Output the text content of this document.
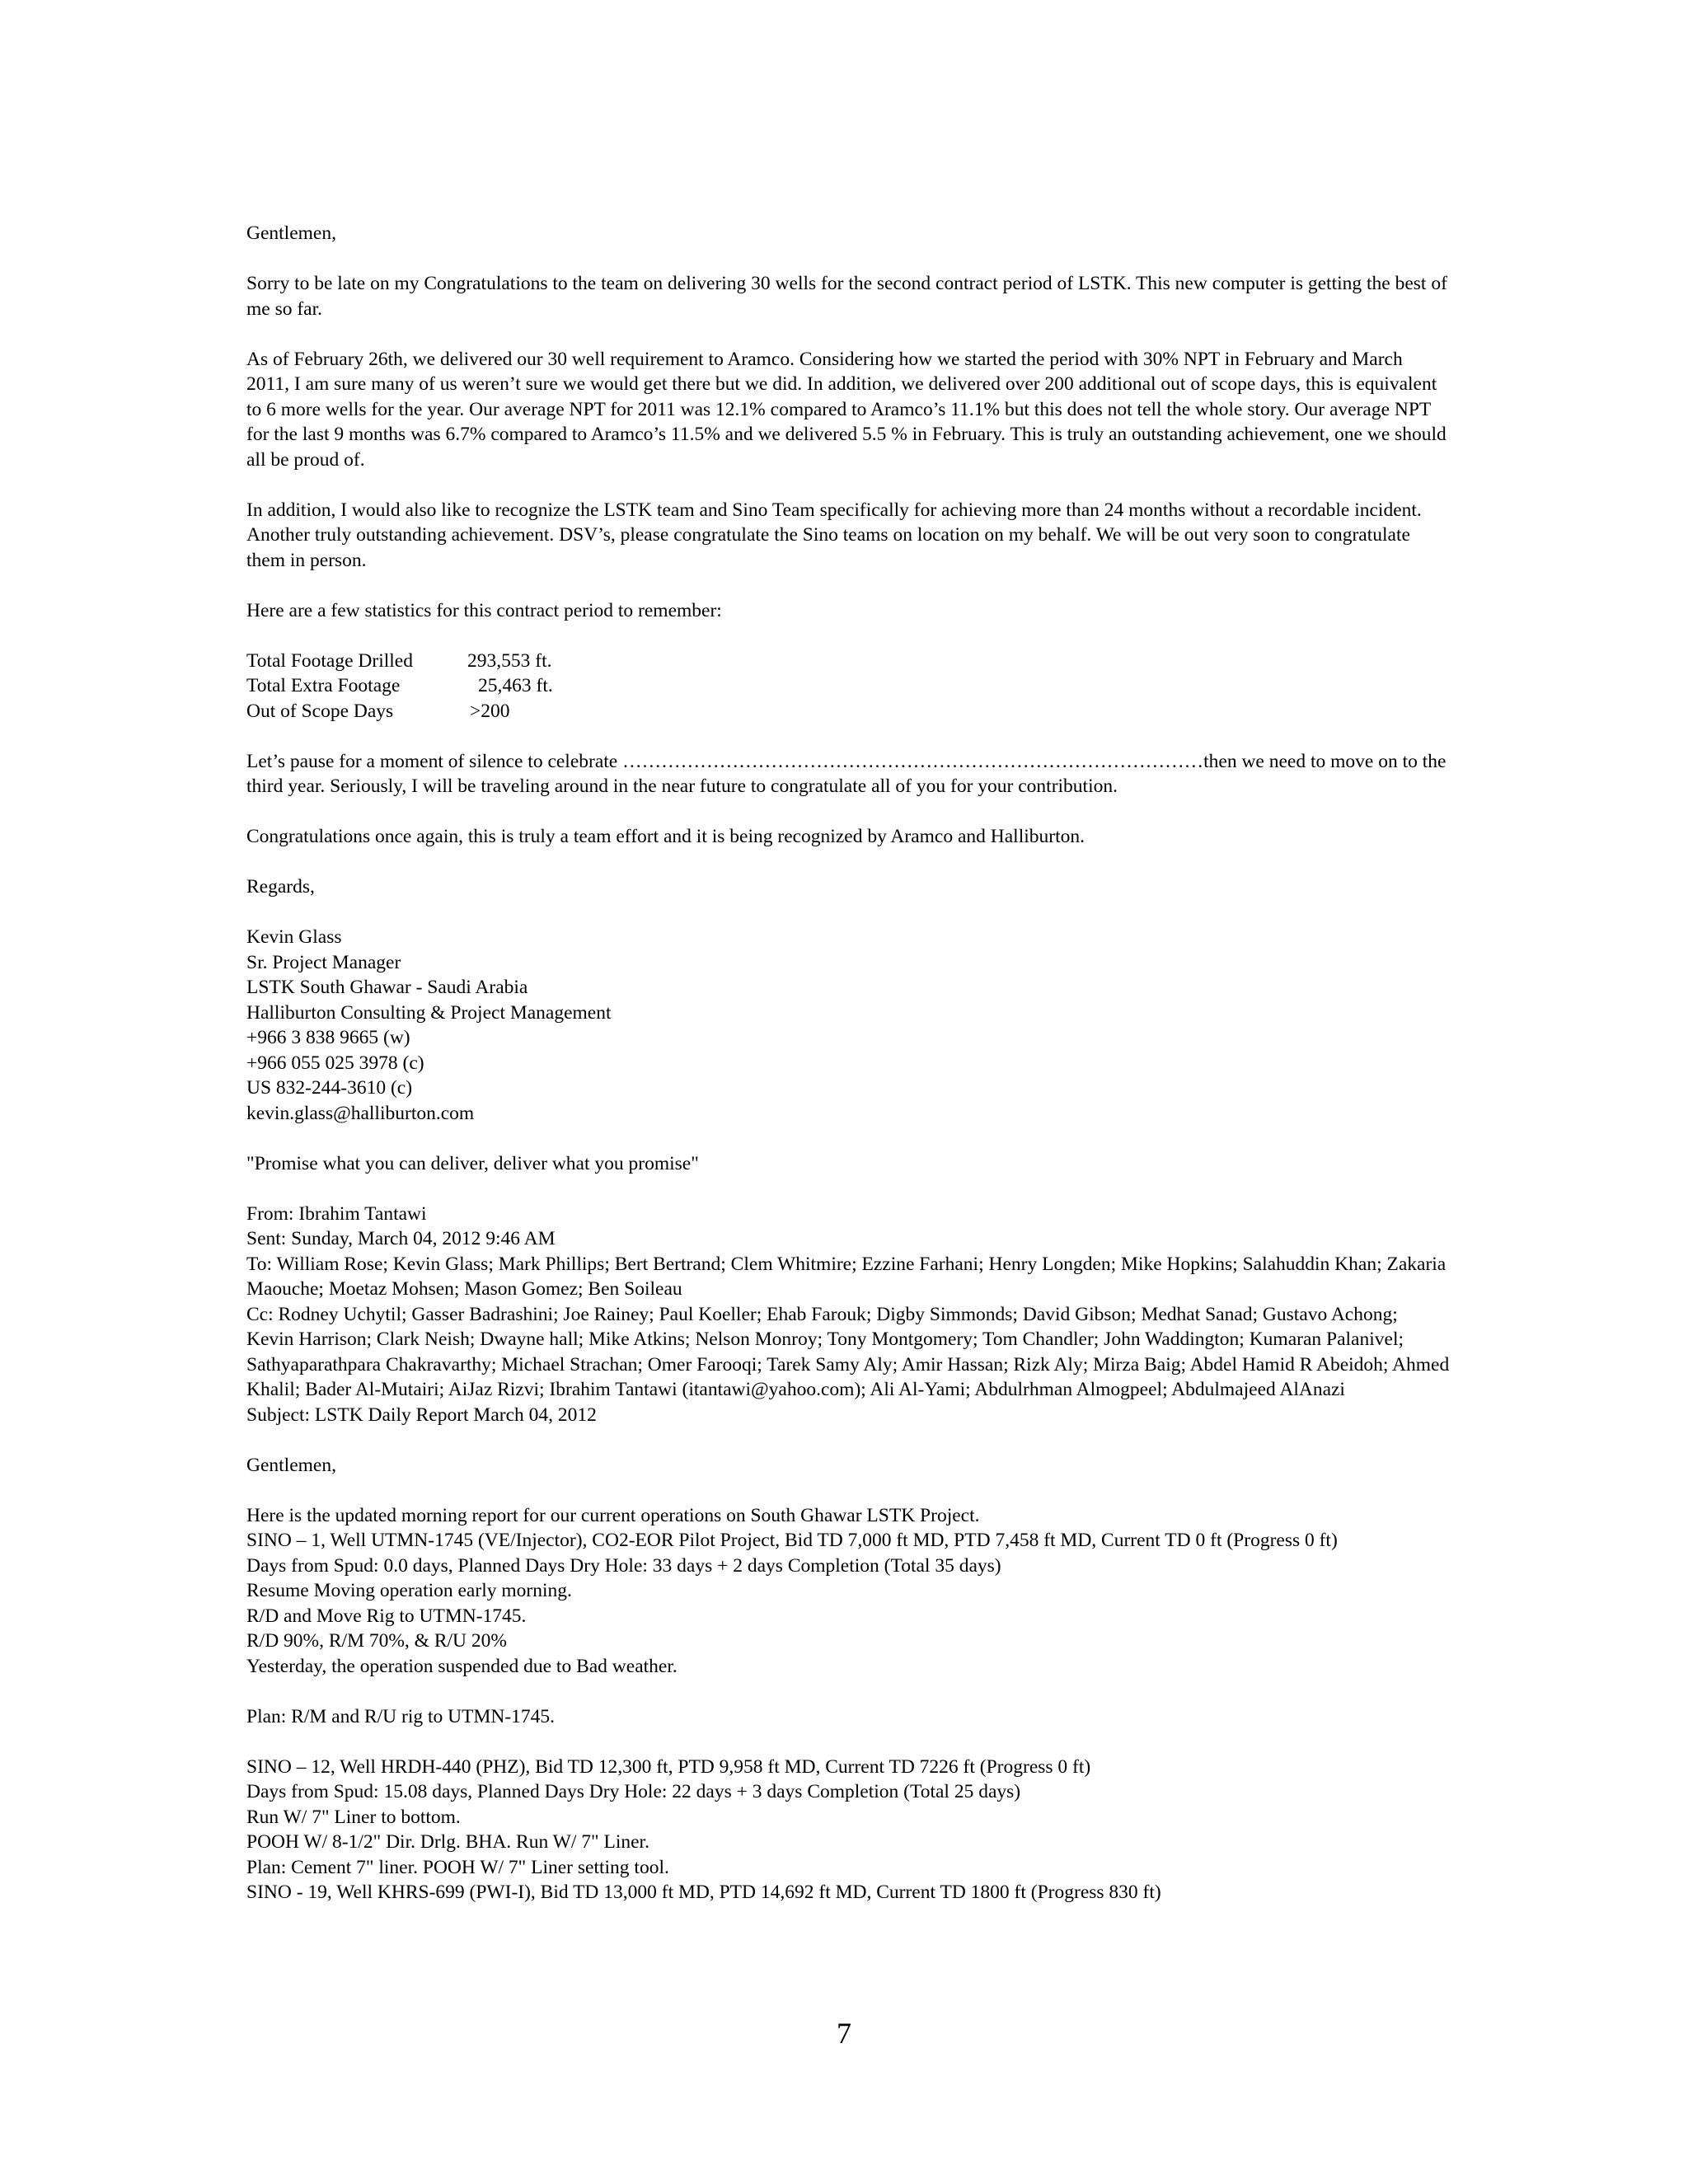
Gentlemen,

Sorry to be late on my Congratulations to the team on delivering 30 wells for the second contract period of LSTK. This new computer is getting the best of me so far.

As of February 26th, we delivered our 30 well requirement to Aramco. Considering how we started the period with 30% NPT in February and March 2011, I am sure many of us weren’t sure we would get there but we did. In addition, we delivered over 200 additional out of scope days, this is equivalent to 6 more wells for the year. Our average NPT for 2011 was 12.1% compared to Aramco’s 11.1% but this does not tell the whole story. Our average NPT for the last 9 months was 6.7% compared to Aramco’s 11.5% and we delivered 5.5 % in February. This is truly an outstanding achievement, one we should all be proud of.

In addition, I would also like to recognize the LSTK team and Sino Team specifically for achieving more than 24 months without a recordable incident. Another truly outstanding achievement. DSV’s, please congratulate the Sino teams on location on my behalf. We will be out very soon to congratulate them in person.

Here are a few statistics for this contract period to remember:

Total Footage Drilled	293,553 ft.
Total Extra Footage	25,463 ft.
Out of Scope Days	>200

Let’s pause for a moment of silence to celebrate ………………………………………………………………………………then we need to move on to the third year. Seriously, I will be traveling around in the near future to congratulate all of you for your contribution.

Congratulations once again, this is truly a team effort and it is being recognized by Aramco and Halliburton.

Regards,

Kevin Glass
Sr. Project Manager
LSTK South Ghawar - Saudi Arabia
Halliburton Consulting & Project Management
+966 3 838 9665 (w)
+966 055 025 3978 (c)
US 832-244-3610 (c)
kevin.glass@halliburton.com

"Promise what you can deliver, deliver what you promise"

From: Ibrahim Tantawi
Sent: Sunday, March 04, 2012 9:46 AM
To: William Rose; Kevin Glass; Mark Phillips; Bert Bertrand; Clem Whitmire; Ezzine Farhani; Henry Longden; Mike Hopkins; Salahuddin Khan; Zakaria Maouche; Moetaz Mohsen; Mason Gomez; Ben Soileau
Cc: Rodney Uchytil; Gasser Badrashini; Joe Rainey; Paul Koeller; Ehab Farouk; Digby Simmonds; David Gibson; Medhat Sanad; Gustavo Achong; Kevin Harrison; Clark Neish; Dwayne hall; Mike Atkins; Nelson Monroy; Tony Montgomery; Tom Chandler; John Waddington; Kumaran Palanivel; Sathyaparathpara Chakravarthy; Michael Strachan; Omer Farooqi; Tarek Samy Aly; Amir Hassan; Rizk Aly; Mirza Baig; Abdel Hamid R Abeidoh; Ahmed Khalil; Bader Al-Mutairi; AiJaz Rizvi; Ibrahim Tantawi (itantawi@yahoo.com); Ali Al-Yami; Abdulrhman Almogpeel; Abdulmajeed AlAnazi
Subject: LSTK Daily Report March 04, 2012

Gentlemen,

Here is the updated morning report for our current operations on South Ghawar LSTK Project.
SINO – 1, Well UTMN-1745 (VE/Injector), CO2-EOR Pilot Project, Bid TD 7,000 ft MD, PTD 7,458 ft MD, Current TD 0 ft (Progress 0 ft)
Days from Spud: 0.0 days, Planned Days Dry Hole: 33 days + 2 days Completion (Total 35 days)
Resume Moving operation early morning.
R/D and Move Rig to UTMN-1745.
R/D 90%, R/M 70%, & R/U 20%
Yesterday, the operation suspended due to Bad weather.

Plan: R/M and R/U rig to UTMN-1745.

SINO – 12, Well HRDH-440 (PHZ), Bid TD 12,300 ft, PTD 9,958 ft MD, Current TD 7226 ft (Progress 0 ft)
Days from Spud: 15.08 days, Planned Days Dry Hole: 22 days + 3 days Completion (Total 25 days)
Run W/ 7" Liner to bottom.
POOH W/ 8-1/2" Dir. Drlg. BHA. Run W/ 7" Liner.
Plan: Cement 7" liner. POOH W/ 7" Liner setting tool.
SINO - 19, Well KHRS-699 (PWI-I), Bid TD 13,000 ft MD, PTD 14,692 ft MD, Current TD 1800 ft (Progress 830 ft)
7
